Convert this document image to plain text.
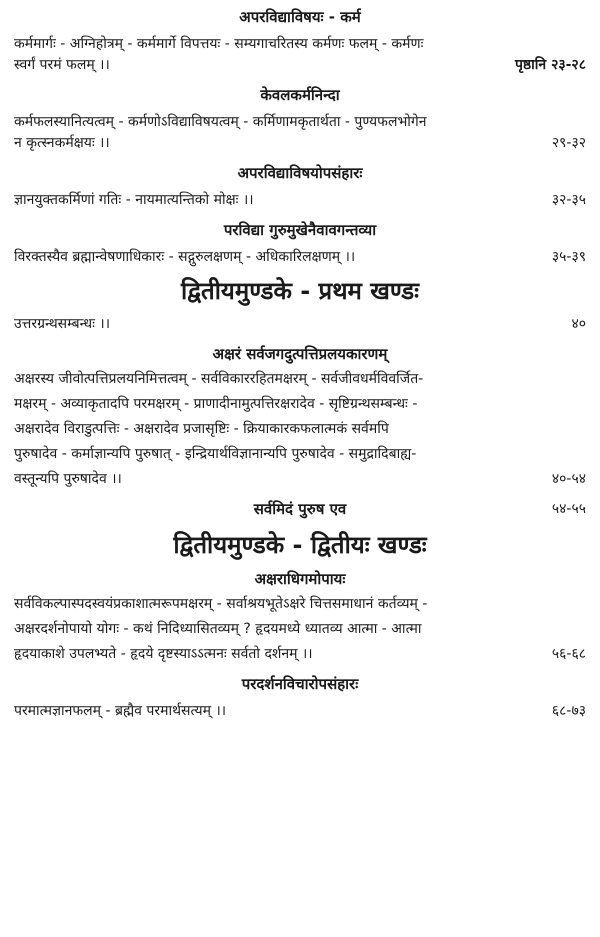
अपरविद्याविषयः - कर्म

कर्ममार्गः - अग्निहोत्रम् - कर्ममार्गे विपत्तयः - सम्यगाचरितस्य कर्मणः फलम् - कर्मणः

स्वर्गं परमं फलम् ।।	पृष्ठानि २३-२८

केवलकर्मनिन्दा

कर्मफलस्यानित्यत्वम् - कर्मणोऽविद्याविषयत्वम् - कर्मिणामकृतार्थता - पुण्यफलभोगेन

न कृत्स्नकर्मक्षयः ।।	२९-३२

अपरविद्याविषयोपसंहारः

ज्ञानयुक्तकर्मिणां गतिः - नायमात्यन्तिको मोक्षः ।।	३२-३५

परविद्या गुरुमुखेनैवावगन्तव्या

विरक्तस्यैव ब्रह्मान्वेषणाधिकारः - सद्गुरुलक्षणम् - अधिकारिलक्षणम् ।।	३५-३९

द्वितीयमुण्डके - प्रथम खण्डः

उत्तरग्रन्थसम्बन्धः ।।	४०

अक्षरं सर्वजगदुत्पत्तिप्रलयकारणम्

अक्षरस्य जीवोत्पत्तिप्रलयनिमित्तत्वम् - सर्वविकाररहितमक्षरम् - सर्वजीवधर्मविवर्जित-

मक्षरम् - अव्याकृतादपि परमक्षरम् - प्राणादीनामुत्पत्तिरक्षरादेव - सृष्टिग्रन्थसम्बन्धः -

अक्षरादेव विराडुत्पत्तिः - अक्षरादेव प्रजासृष्टिः - क्रियाकारकफलात्मकं सर्वमपि

पुरुषादेव - कर्माज्ञान्यपि पुरुषात् - इन्द्रियार्थविज्ञानान्यपि पुरुषादेव - समुद्रादिबाह्य-

वस्तून्यपि पुरुषादेव ।।	४०-५४

सर्वमिदं पुरुष एव	५४-५५

द्वितीयमुण्डके - द्वितीयः खण्डः

अक्षराधिगमोपायः

सर्वविकल्पास्पदस्वयंप्रकाशात्मरूपमक्षरम् - सर्वाश्रयभूतेऽक्षरे चित्तसमाधानं कर्तव्यम् -

अक्षरदर्शनोपायो योगः - कथं निदिध्यासितव्यम् ? हृदयमध्ये ध्यातव्य आत्मा - आत्मा

हृदयाकाशे उपलभ्यते - हृदये दृष्टस्याऽऽत्मनः सर्वतो दर्शनम् ।।	५६-६८

परदर्शनविचारोपसंहारः

परमात्मज्ञानफलम् - ब्रह्मैव परमार्थसत्यम् ।।	६८-७३
